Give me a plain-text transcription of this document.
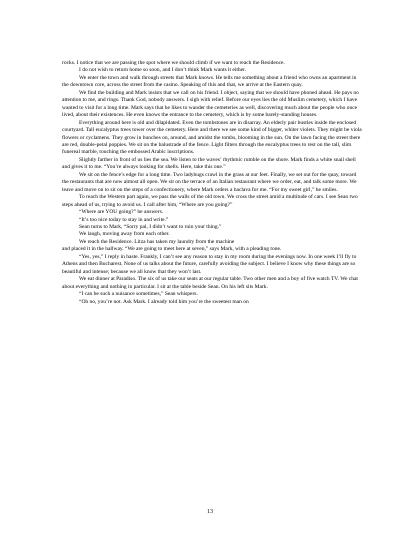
rocks. I notice that we are passing the spot where we should climb if we want to reach the Residence.

I do not wish to return home so soon, and I don’t think Mark wants it either.

We enter the town and walk through streets that Mark knows. He tells me something about a friend who owns an apartment in the downtown core, across the street from the casino. Speaking of this and that, we arrive at the Eastern quay.

We find the building and Mark insists that we call on his friend. I object, saying that we should have phoned ahead. He pays no attention to me, and rings. Thank God, nobody answers. I sigh with relief. Before our eyes lies the old Muslim cemetery, which I have wanted to visit for a long time. Mark says that he likes to wander the cemeteries as well, discovering much about the people who once lived, about their existences. He even knows the entrance to the cemetery, which is by some barely-standing houses.

Everything around here is old and dilapidated. Even the tombstones are in disarray. An elderly pair bustles inside the enclosed courtyard. Tall eucalyptus trees tower over the cemetery. Here and there we see some kind of bigger, whiter violets. They might be viola flowers or cyclamens. They grow in bunches on, around, and amidst the tombs, blooming in the sun. On the lawn facing the street there are red, double-petal poppies. We sit on the balustrade of the fence. Light filters through the eucalyptus trees to rest on the tall, slim funereal marble, touching the embossed Arabic inscriptions.

Slightly farther in front of us lies the sea. We listen to the waves’ rhythmic rumble on the shore. Mark finds a white snail shell and gives it to me. “You’re always looking for shells. Here, take this one.”

We sit on the fence’s edge for a long time. Two ladybugs crawl in the grass at our feet. Finally, we set out for the quay, toward the restaurants that are now almost all open. We sit on the terrace of an Italian restaurant where we order, eat, and talk some more. We leave and move on to sit on the steps of a confectionery, where Mark orders a baclava for me. “For my sweet girl,” he smiles.

To reach the Western part again, we pass the walls of the old town. We cross the street amid a multitude of cars. I see Sean two steps ahead of us, trying to avoid us. I call after him, “Where are you going?”

“Where are YOU going?” he answers.

“It’s too nice today to stay in and write.”

Sean turns to Mark, “Sorry pal, I didn’t want to ruin your thing.”

We laugh, moving away from each other.

We reach the Residence. Litza has taken my laundry from the machine

and placed it in the hallway. “We are going to meet here at seven,” says Mark, with a pleading tone.

“Yes, yes,” I reply in haste. Frankly, I can’t see any reason to stay in my room during the evenings now. In one week I’ll fly to Athens and then Bucharest. None of us talks about the future, carefully avoiding the subject. I believe I know why these things are so beautiful and intense; because we all know that they won’t last.

We eat dinner at Paradiso. The six of us take our seats at our regular table. Two other men and a boy of five watch TV. We chat about everything and nothing in particular. I sit at the table beside Sean. On his left sits Mark.

“I can be such a nuisance sometimes,” Sean whispers.

“Oh no, you’re not. Ask Mark. I already told him you’re the sweetest man on

13
